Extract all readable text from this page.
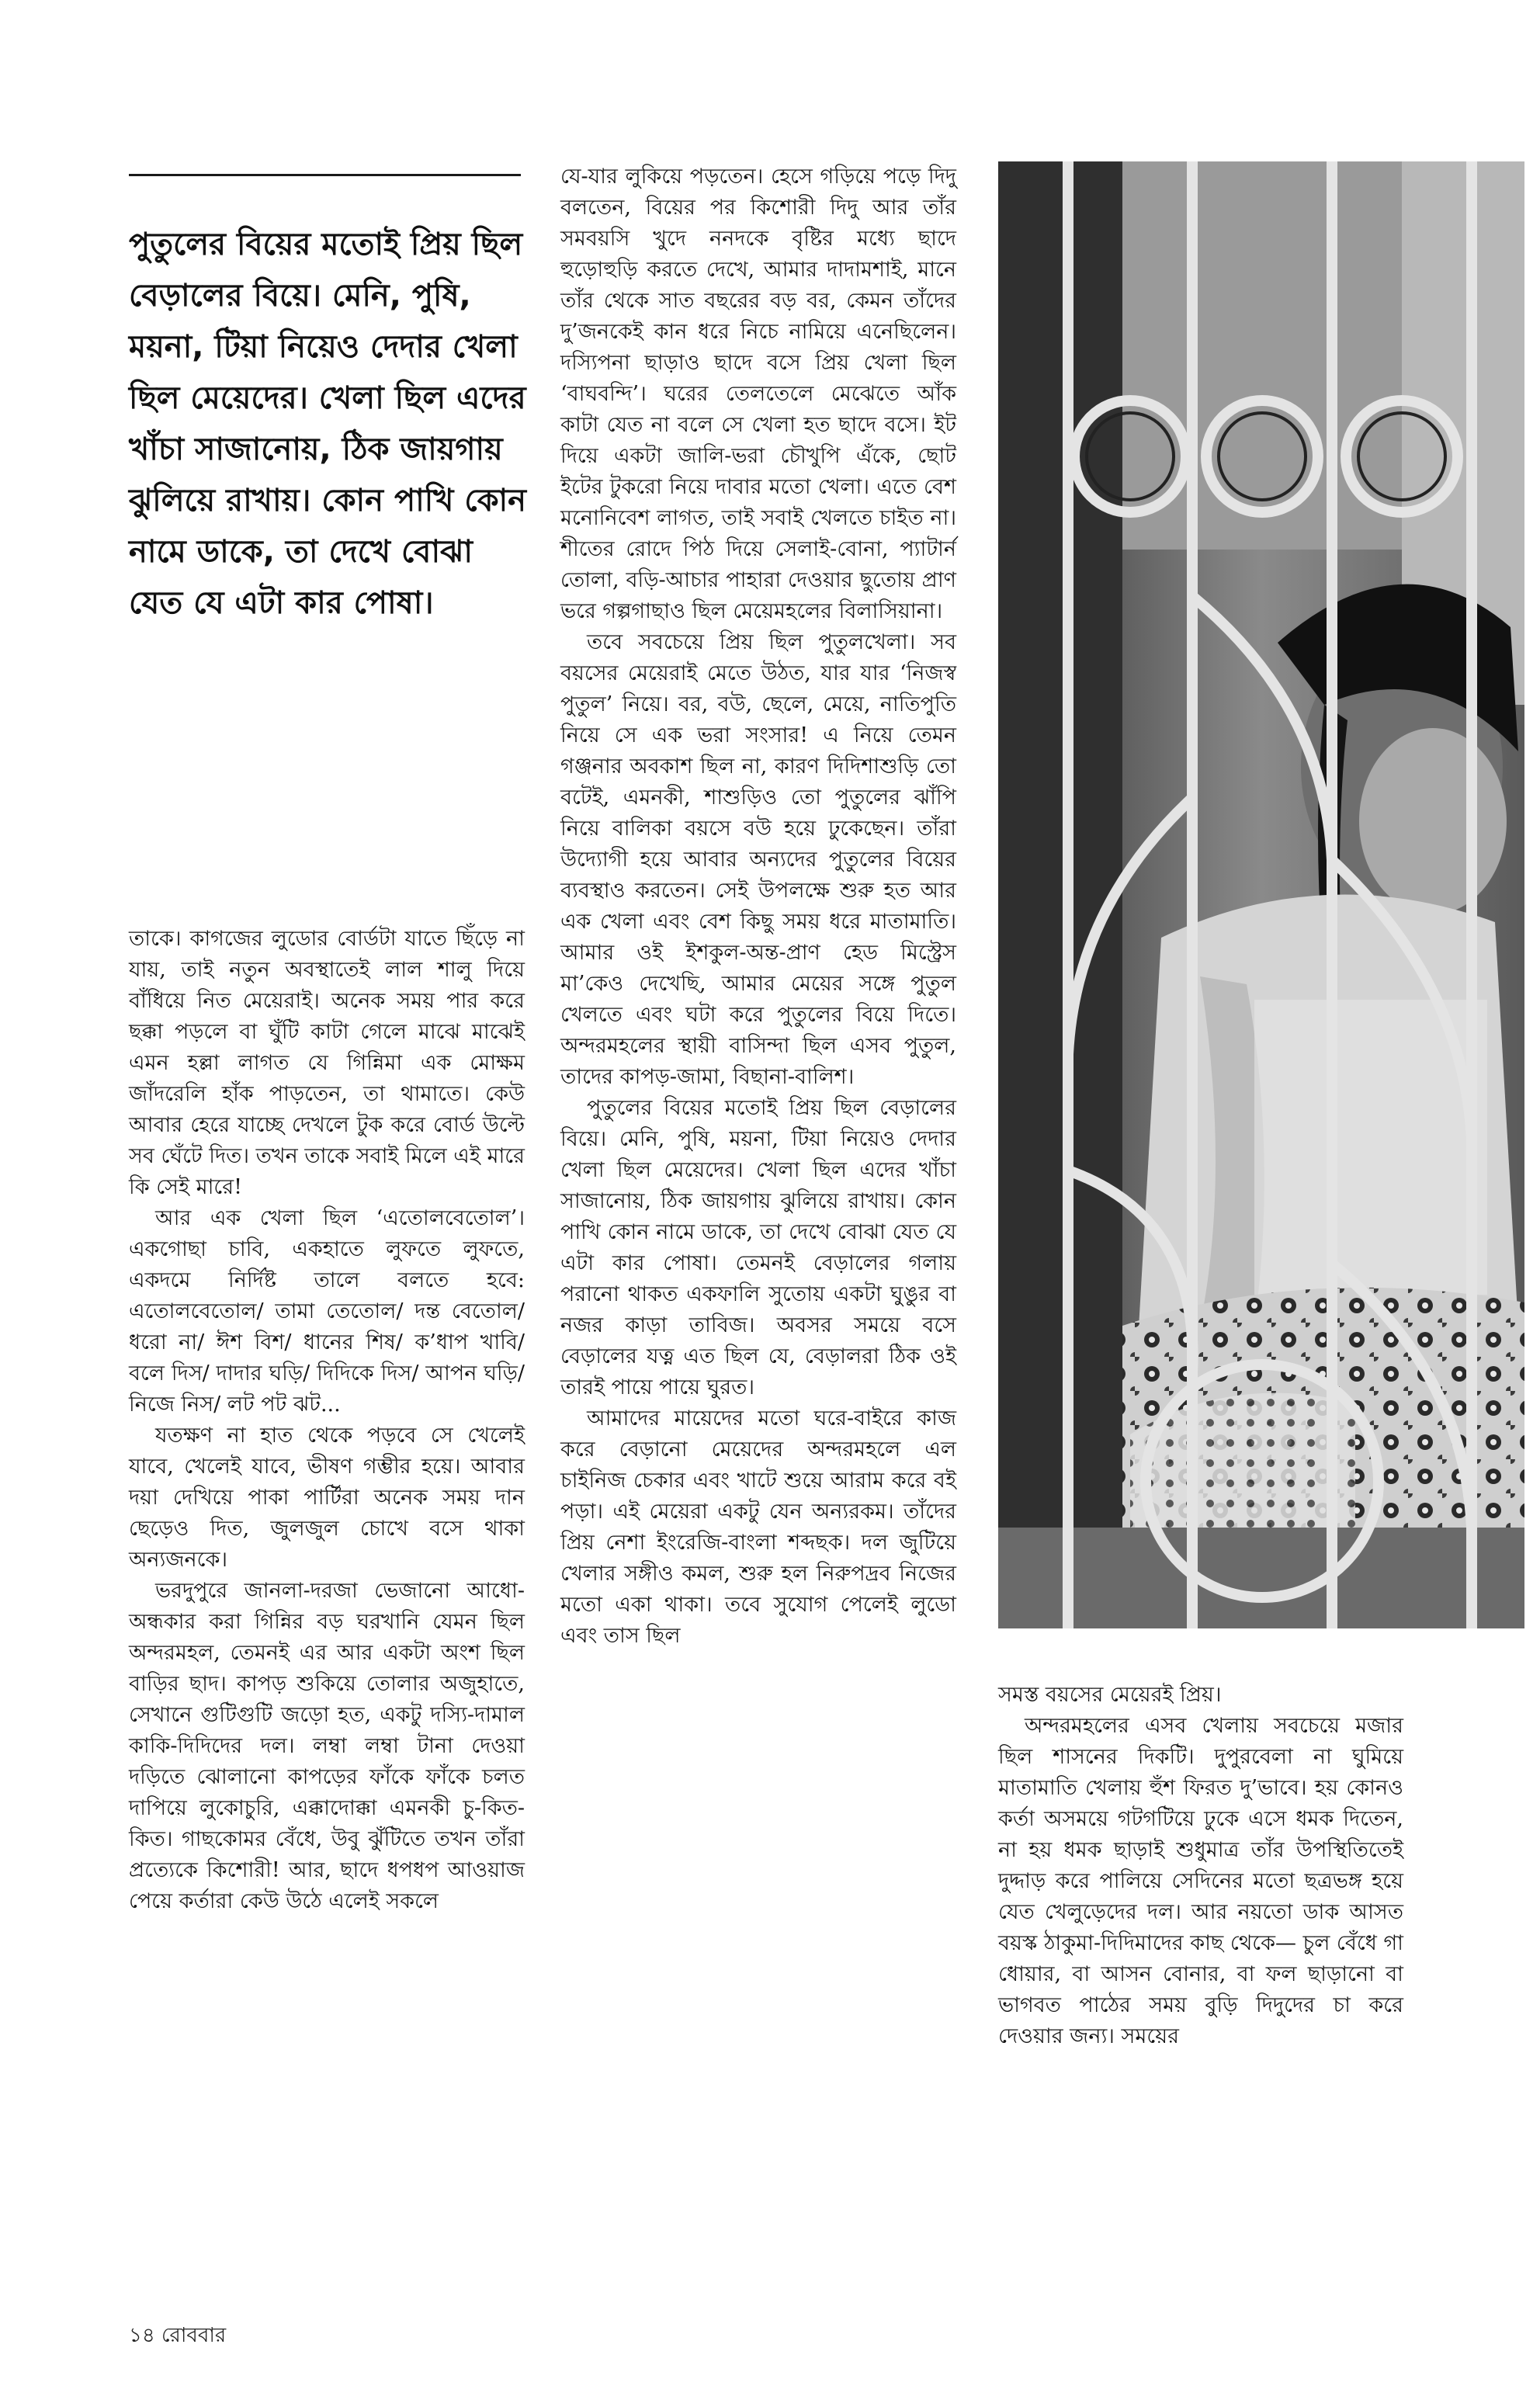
পুতুলের বিয়ের মতোই প্রিয় ছিল বেড়ালের বিয়ে। মেনি, পুষি, ময়না, টিয়া নিয়েও দেদার খেলা ছিল মেয়েদের। খেলা ছিল এদের খাঁচা সাজানোয়, ঠিক জায়গায় ঝুলিয়ে রাখায়। কোন পাখি কোন নামে ডাকে, তা দেখে বোঝা যেত যে এটা কার পোষা।

তাকে। কাগজের লুডোর বোর্ডটা যাতে ছিঁড়ে না যায়, তাই নতুন অবস্থাতেই লাল শালু দিয়ে বাঁধিয়ে নিত মেয়েরাই। অনেক সময় পার করে ছক্কা পড়লে বা ঘুঁটি কাটা গেলে মাঝে মাঝেই এমন হল্লা লাগত যে গিন্নিমা এক মোক্ষম জাঁদরেলি হাঁক পাড়তেন, তা থামাতে। কেউ আবার হেরে যাচ্ছে দেখলে টুক করে বোর্ড উল্টে সব ঘেঁটে দিত। তখন তাকে সবাই মিলে এই মারে কি সেই মারে!

আর এক খেলা ছিল ‘এতোলবেতোল’। একগোছা চাবি, একহাতে লুফতে লুফতে, একদমে নির্দিষ্ট তালে বলতে হবে: এতোলবেতোল/ তামা তেতোল/ দন্ত বেতোল/ ধরো না/ ঈশ বিশ/ ধানের শিষ/ ক’ধাপ খাবি/ বলে দিস/ দাদার ঘড়ি/ দিদিকে দিস/ আপন ঘড়ি/ নিজে নিস/ লট পট ঝট...

যতক্ষণ না হাত থেকে পড়বে সে খেলেই যাবে, খেলেই যাবে, ভীষণ গম্ভীর হয়ে। আবার দয়া দেখিয়ে পাকা পার্টিরা অনেক সময় দান ছেড়েও দিত, জুলজুল চোখে বসে থাকা অন্যজনকে।

ভরদুপুরে জানলা-দরজা ভেজানো আধো-অন্ধকার করা গিন্নির বড় ঘরখানি যেমন ছিল অন্দরমহল, তেমনই এর আর একটা অংশ ছিল বাড়ির ছাদ। কাপড় শুকিয়ে তোলার অজুহাতে, সেখানে গুটিগুটি জড়ো হত, একটু দস্যি-দামাল কাকি-দিদিদের দল। লম্বা লম্বা টানা দেওয়া দড়িতে ঝোলানো কাপড়ের ফাঁকে ফাঁকে চলত দাপিয়ে লুকোচুরি, এক্কাদোক্কা এমনকী চু-কিত-কিত। গাছকোমর বেঁধে, উবু ঝুঁটিতে তখন তাঁরা প্রত্যেকে কিশোরী! আর, ছাদে ধপধপ আওয়াজ পেয়ে কর্তারা কেউ উঠে এলেই সকলে

যে-যার লুকিয়ে পড়তেন। হেসে গড়িয়ে পড়ে দিদু বলতেন, বিয়ের পর কিশোরী দিদু আর তাঁর সমবয়সি খুদে ননদকে বৃষ্টির মধ্যে ছাদে হুড়োহুড়ি করতে দেখে, আমার দাদামশাই, মানে তাঁর থেকে সাত বছরের বড় বর, কেমন তাঁদের দু’জনকেই কান ধরে নিচে নামিয়ে এনেছিলেন। দস্যিপনা ছাড়াও ছাদে বসে প্রিয় খেলা ছিল ‘বাঘবন্দি’। ঘরের তেলতেলে মেঝেতে আঁক কাটা যেত না বলে সে খেলা হত ছাদে বসে। ইট দিয়ে একটা জালি-ভরা চৌখুপি এঁকে, ছোট ইটের টুকরো নিয়ে দাবার মতো খেলা। এতে বেশ মনোনিবেশ লাগত, তাই সবাই খেলতে চাইত না। শীতের রোদে পিঠ দিয়ে সেলাই-বোনা, প্যাটার্ন তোলা, বড়ি-আচার পাহারা দেওয়ার ছুতোয় প্রাণ ভরে গল্পগাছাও ছিল মেয়েমহলের বিলাসিয়ানা।

তবে সবচেয়ে প্রিয় ছিল পুতুলখেলা। সব বয়সের মেয়েরাই মেতে উঠত, যার যার ‘নিজস্ব পুতুল’ নিয়ে। বর, বউ, ছেলে, মেয়ে, নাতিপুতি নিয়ে সে এক ভরা সংসার! এ নিয়ে তেমন গঞ্জনার অবকাশ ছিল না, কারণ দিদিশাশুড়ি তো বটেই, এমনকী, শাশুড়িও তো পুতুলের ঝাঁপি নিয়ে বালিকা বয়সে বউ হয়ে ঢুকেছেন। তাঁরা উদ্যোগী হয়ে আবার অন্যদের পুতুলের বিয়ের ব্যবস্থাও করতেন। সেই উপলক্ষে শুরু হত আর এক খেলা এবং বেশ কিছু সময় ধরে মাতামাতি। আমার ওই ইশকুল-অন্ত-প্রাণ হেড মিস্ট্রেস মা’কেও দেখেছি, আমার মেয়ের সঙ্গে পুতুল খেলতে এবং ঘটা করে পুতুলের বিয়ে দিতে। অন্দরমহলের স্থায়ী বাসিন্দা ছিল এসব পুতুল, তাদের কাপড়-জামা, বিছানা-বালিশ।

পুতুলের বিয়ের মতোই প্রিয় ছিল বেড়ালের বিয়ে। মেনি, পুষি, ময়না, টিয়া নিয়েও দেদার খেলা ছিল মেয়েদের। খেলা ছিল এদের খাঁচা সাজানোয়, ঠিক জায়গায় ঝুলিয়ে রাখায়। কোন পাখি কোন নামে ডাকে, তা দেখে বোঝা যেত যে এটা কার পোষা। তেমনই বেড়ালের গলায় পরানো থাকত একফালি সুতোয় একটা ঘুঙুর বা নজর কাড়া তাবিজ। অবসর সময়ে বসে বেড়ালের যত্ন এত ছিল যে, বেড়ালরা ঠিক ওই তারই পায়ে পায়ে ঘুরত।

আমাদের মায়েদের মতো ঘরে-বাইরে কাজ করে বেড়ানো মেয়েদের অন্দরমহলে এল চাইনিজ চেকার এবং খাটে শুয়ে আরাম করে বই পড়া। এই মেয়েরা একটু যেন অন্যরকম। তাঁদের প্রিয় নেশা ইংরেজি-বাংলা শব্দছক। দল জুটিয়ে খেলার সঙ্গীও কমল, শুরু হল নিরুপদ্রব নিজের মতো একা থাকা। তবে সুযোগ পেলেই লুডো এবং তাস ছিল

সমস্ত বয়সের মেয়েরই প্রিয়।

অন্দরমহলের এসব খেলায় সবচেয়ে মজার ছিল শাসনের দিকটি। দুপুরবেলা না ঘুমিয়ে মাতামাতি খেলায় হুঁশ ফিরত দু’ভাবে। হয় কোনও কর্তা অসময়ে গটগটিয়ে ঢুকে এসে ধমক দিতেন, না হয় ধমক ছাড়াই শুধুমাত্র তাঁর উপস্থিতিতেই দুদ্দাড় করে পালিয়ে সেদিনের মতো ছত্রভঙ্গ হয়ে যেত খেলুড়েদের দল। আর নয়তো ডাক আসত বয়স্ক ঠাকুমা-দিদিমাদের কাছ থেকে— চুল বেঁধে গা ধোয়ার, বা আসন বোনার, বা ফল ছাড়ানো বা ভাগবত পাঠের সময় বুড়ি দিদুদের চা করে দেওয়ার জন্য। সময়ের

১৪ রোববার
